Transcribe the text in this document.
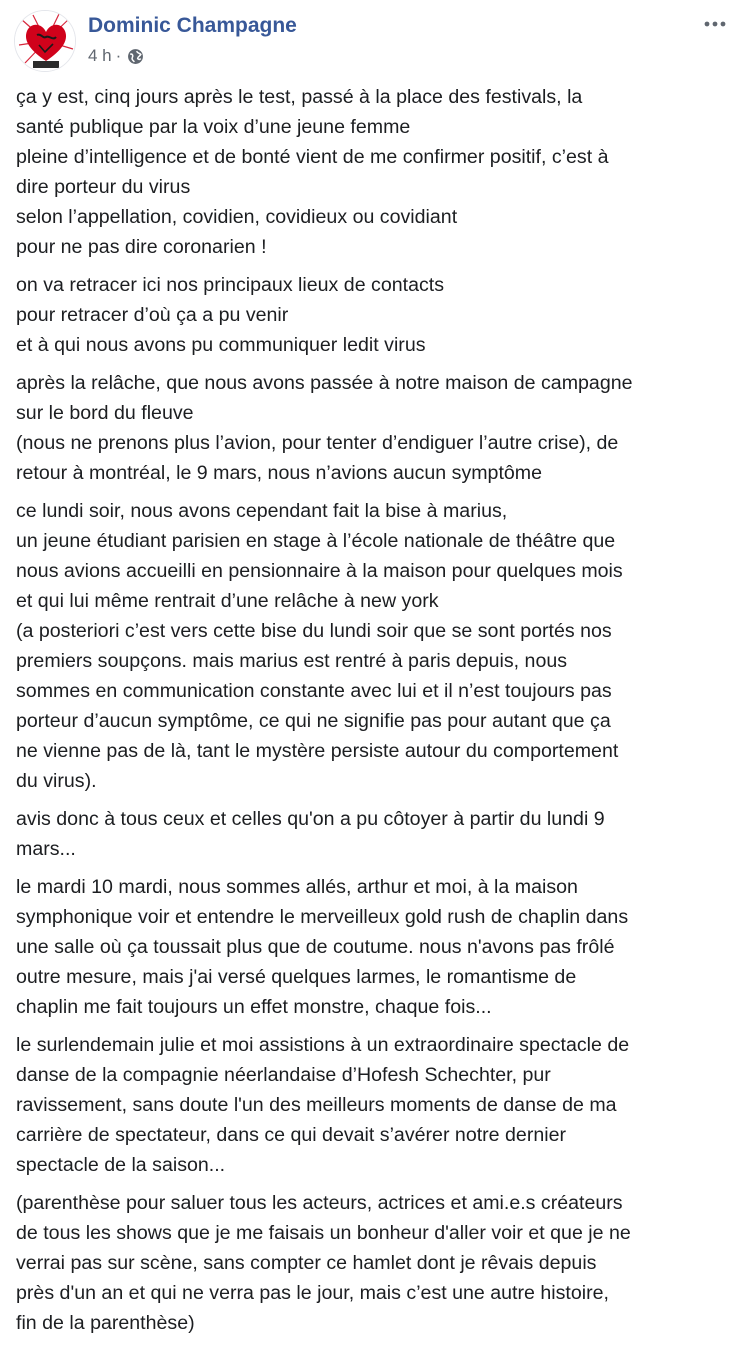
Dominic Champagne
4 h ·

ça y est, cinq jours après le test, passé à la place des festivals, la
santé publique par la voix d’une jeune femme
pleine d’intelligence et de bonté vient de me confirmer positif, c’est à
dire porteur du virus
selon l’appellation, covidien, covidieux ou covidiant
pour ne pas dire coronarien !

on va retracer ici nos principaux lieux de contacts
pour retracer d’où ça a pu venir
et à qui nous avons pu communiquer ledit virus

après la relâche, que nous avons passée à notre maison de campagne
sur le bord du fleuve
(nous ne prenons plus l’avion, pour tenter d’endiguer l’autre crise), de
retour à montréal, le 9 mars, nous n’avions aucun symptôme

ce lundi soir, nous avons cependant fait la bise à marius,
un jeune étudiant parisien en stage à l’école nationale de théâtre que
nous avions accueilli en pensionnaire à la maison pour quelques mois
et qui lui même rentrait d’une relâche à new york
(a posteriori c’est vers cette bise du lundi soir que se sont portés nos
premiers soupçons. mais marius est rentré à paris depuis, nous
sommes en communication constante avec lui et il n’est toujours pas
porteur d’aucun symptôme, ce qui ne signifie pas pour autant que ça
ne vienne pas de là, tant le mystère persiste autour du comportement
du virus).

avis donc à tous ceux et celles qu'on a pu côtoyer à partir du lundi 9
mars...

le mardi 10 mardi, nous sommes allés, arthur et moi, à la maison
symphonique voir et entendre le merveilleux gold rush de chaplin dans
une salle où ça toussait plus que de coutume. nous n'avons pas frôlé
outre mesure, mais j'ai versé quelques larmes, le romantisme de
chaplin me fait toujours un effet monstre, chaque fois...

le surlendemain julie et moi assistions à un extraordinaire spectacle de
danse de la compagnie néerlandaise d’Hofesh Schechter, pur
ravissement, sans doute l'un des meilleurs moments de danse de ma
carrière de spectateur, dans ce qui devait s’avérer notre dernier
spectacle de la saison...

(parenthèse pour saluer tous les acteurs, actrices et ami.e.s créateurs
de tous les shows que je me faisais un bonheur d'aller voir et que je ne
verrai pas sur scène, sans compter ce hamlet dont je rêvais depuis
près d'un an et qui ne verra pas le jour, mais c’est une autre histoire,
fin de la parenthèse)
